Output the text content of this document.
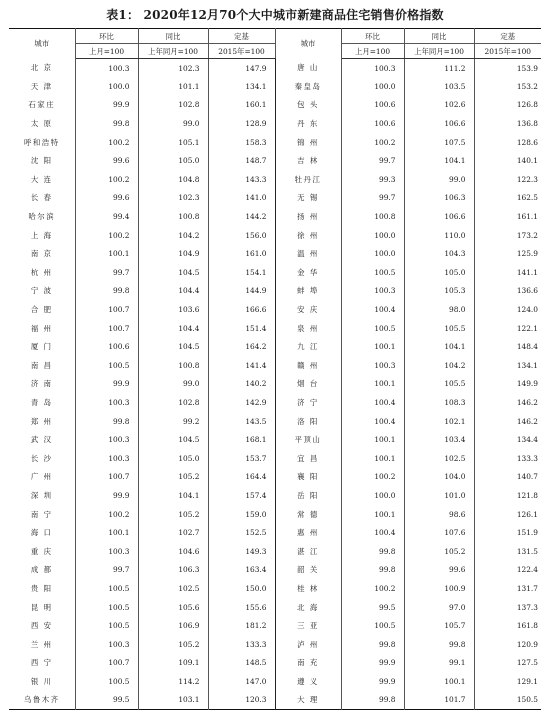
表1： 2020年12月70个大中城市新建商品住宅销售价格指数
城市	环比	同比	定基	城市	环比	同比	定基
	上月=100	上年同月=100	2015年=100		上月=100	上年同月=100	2015年=100
北 京	100.3	102.3	147.9	唐 山	100.3	111.2	153.9
天 津	100.0	101.1	134.1	秦皇岛	100.0	103.5	153.2
石家庄	99.9	102.8	160.1	包 头	100.6	102.6	126.8
太 原	99.8	99.0	128.9	丹 东	100.6	106.6	136.8
呼和浩特	100.2	105.1	158.3	锦 州	100.2	107.5	128.6
沈 阳	99.6	105.0	148.7	吉 林	99.7	104.1	140.1
大 连	100.2	104.8	143.3	牡丹江	99.3	99.0	122.3
长 春	99.6	102.3	141.0	无 锡	99.7	106.3	162.5
哈尔滨	99.4	100.8	144.2	扬 州	100.8	106.6	161.1
上 海	100.2	104.2	156.0	徐 州	100.0	110.0	173.2
南 京	100.1	104.9	161.0	温 州	100.0	104.3	125.9
杭 州	99.7	104.5	154.1	金 华	100.5	105.0	141.1
宁 波	99.8	104.4	144.9	蚌 埠	100.3	105.3	136.6
合 肥	100.7	103.6	166.6	安 庆	100.4	98.0	124.0
福 州	100.7	104.4	151.4	泉 州	100.5	105.5	122.1
厦 门	100.6	104.5	164.2	九 江	100.1	104.1	148.4
南 昌	100.5	100.8	141.4	赣 州	100.3	104.2	134.1
济 南	99.9	99.0	140.2	烟 台	100.1	105.5	149.9
青 岛	100.3	102.8	142.9	济 宁	100.4	108.3	146.2
郑 州	99.8	99.2	143.5	洛 阳	100.4	102.1	146.2
武 汉	100.3	104.5	168.1	平顶山	100.1	103.4	134.4
长 沙	100.3	105.0	153.7	宜 昌	100.1	102.5	133.3
广 州	100.7	105.2	164.4	襄 阳	100.2	104.0	140.7
深 圳	99.9	104.1	157.4	岳 阳	100.0	101.0	121.8
南 宁	100.2	105.2	159.0	常 德	100.1	98.6	126.1
海 口	100.1	102.7	152.5	惠 州	100.4	107.6	151.9
重 庆	100.3	104.6	149.3	湛 江	99.8	105.2	131.5
成 都	99.7	106.3	163.4	韶 关	99.8	99.6	122.4
贵 阳	100.5	102.5	150.0	桂 林	100.2	100.9	131.7
昆 明	100.5	105.6	155.6	北 海	99.5	97.0	137.3
西 安	100.5	106.9	181.2	三 亚	100.5	105.7	161.8
兰 州	100.3	105.2	133.3	泸 州	99.8	99.8	120.9
西 宁	100.7	109.1	148.5	南 充	99.9	99.1	127.5
银 川	100.5	114.2	147.0	遵 义	99.9	100.1	129.1
乌鲁木齐	99.5	103.1	120.3	大 理	99.8	101.7	150.5
